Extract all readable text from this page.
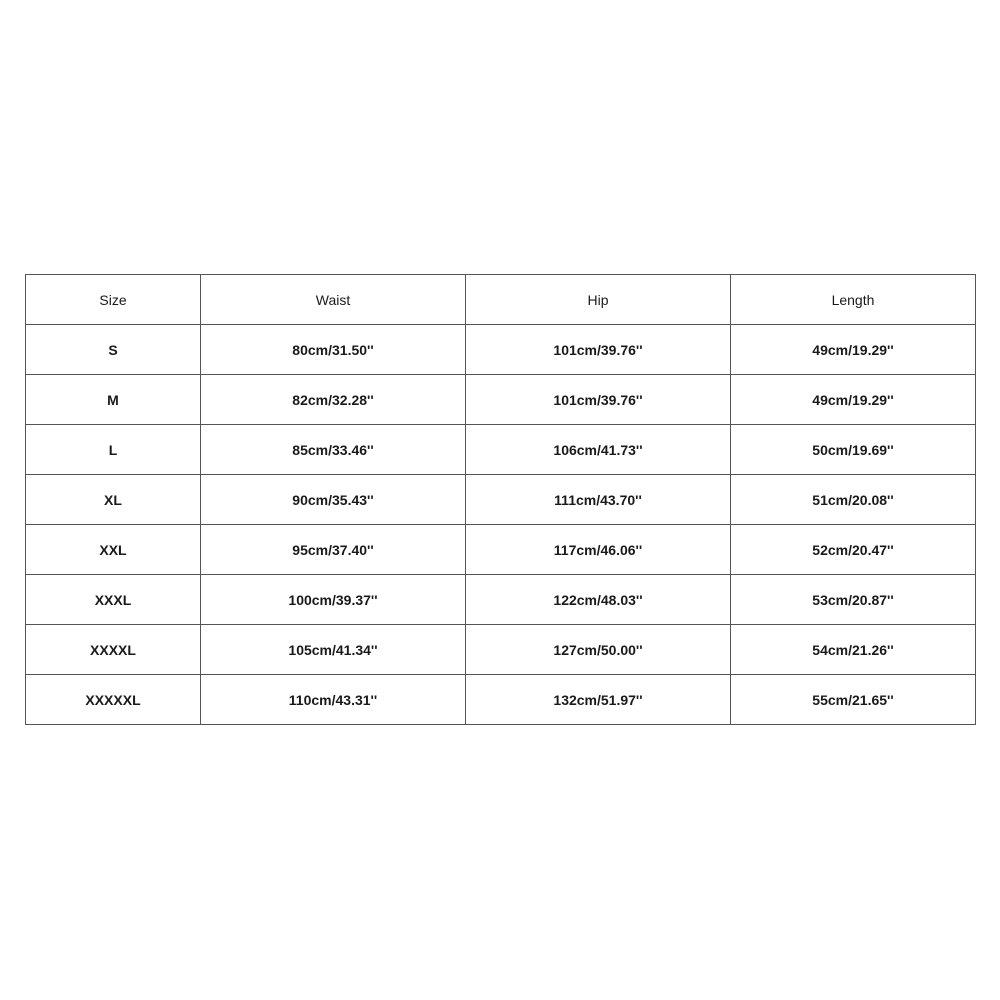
Size	Waist	Hip	Length
S	80cm/31.50''	101cm/39.76''	49cm/19.29''
M	82cm/32.28''	101cm/39.76''	49cm/19.29''
L	85cm/33.46''	106cm/41.73''	50cm/19.69''
XL	90cm/35.43''	111cm/43.70''	51cm/20.08''
XXL	95cm/37.40''	117cm/46.06''	52cm/20.47''
XXXL	100cm/39.37''	122cm/48.03''	53cm/20.87''
XXXXL	105cm/41.34''	127cm/50.00''	54cm/21.26''
XXXXXL	110cm/43.31''	132cm/51.97''	55cm/21.65''
